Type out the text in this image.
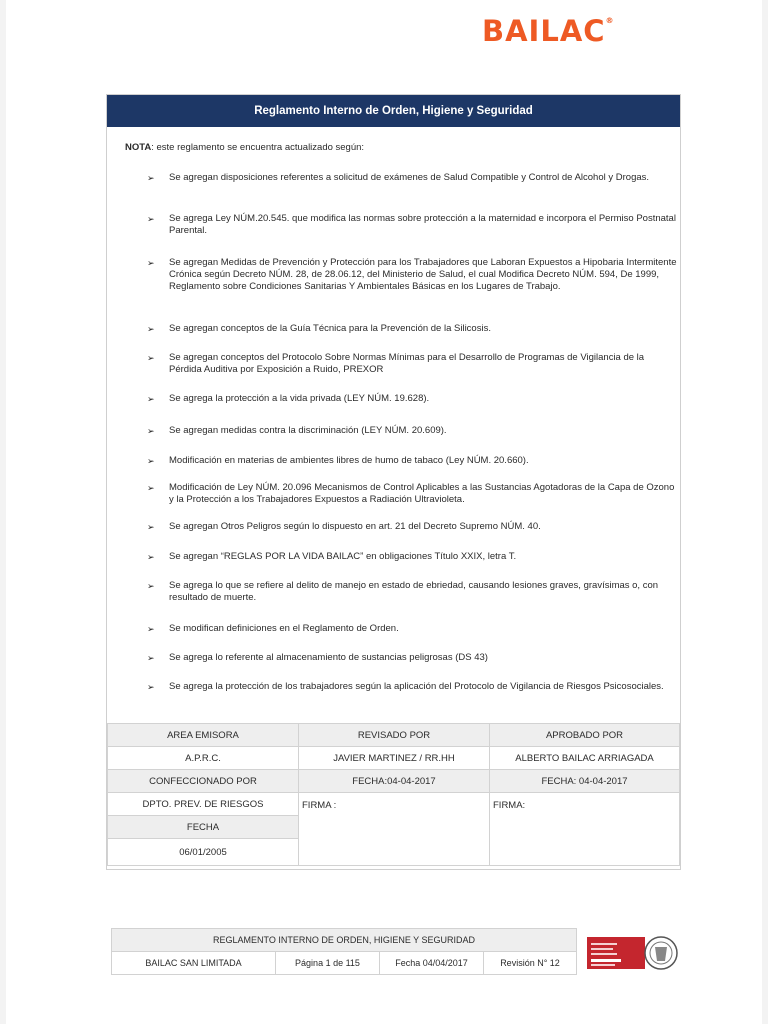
BAILAC®
Reglamento Interno de Orden, Higiene y Seguridad
NOTA: este reglamento se encuentra actualizado según:
➢	Se agregan disposiciones referentes a solicitud de exámenes de Salud Compatible y Control de Alcohol y Drogas.
➢	Se agrega Ley NÚM.20.545. que modifica las normas sobre protección a la maternidad e incorpora el Permiso Postnatal Parental.
➢	Se agregan Medidas de Prevención y Protección para los Trabajadores que Laboran Expuestos a Hipobaria Intermitente Crónica según Decreto NÚM. 28, de 28.06.12, del Ministerio de Salud, el cual Modifica Decreto NÚM. 594, De 1999, Reglamento sobre Condiciones Sanitarias Y Ambientales Básicas en los Lugares de Trabajo.
➢	Se agregan conceptos de la Guía Técnica para la Prevención de la Silicosis.
➢	Se agregan conceptos del Protocolo Sobre Normas Mínimas para el Desarrollo de Programas de Vigilancia de la Pérdida Auditiva por Exposición a Ruido, PREXOR
➢	Se agrega la protección a la vida privada (LEY NÚM. 19.628).
➢	Se agregan medidas contra la discriminación (LEY NÚM. 20.609).
➢	Modificación en materias de ambientes libres de humo de tabaco (Ley NÚM. 20.660).
➢	Modificación de Ley NÚM. 20.096 Mecanismos de Control Aplicables a las Sustancias Agotadoras de la Capa de Ozono y la Protección a los Trabajadores Expuestos a Radiación Ultravioleta.
➢	Se agregan Otros Peligros según lo dispuesto en art. 21 del Decreto Supremo NÚM. 40.
➢	Se agregan “REGLAS POR LA VIDA BAILAC” en obligaciones Título XXIX, letra T.
➢	Se agrega lo que se refiere al delito de manejo en estado de ebriedad, causando lesiones graves, gravísimas o, con resultado de muerte.
➢	Se modifican definiciones en el Reglamento de Orden.
➢	Se agrega lo referente al almacenamiento de sustancias peligrosas (DS 43)
➢	Se agrega la protección de los trabajadores según la aplicación del Protocolo de Vigilancia de Riesgos Psicosociales.
AREA EMISORA	REVISADO POR	APROBADO POR
A.P.R.C.	JAVIER MARTINEZ / RR.HH	ALBERTO BAILAC ARRIAGADA
CONFECCIONADO POR	FECHA:04-04-2017	FECHA: 04-04-2017
DPTO. PREV. DE RIESGOS	FIRMA :	FIRMA:
FECHA		
06/01/2005		
REGLAMENTO INTERNO DE ORDEN, HIGIENE Y SEGURIDAD
BAILAC SAN LIMITADA	Página 1 de 115	Fecha 04/04/2017	Revisión N° 12
